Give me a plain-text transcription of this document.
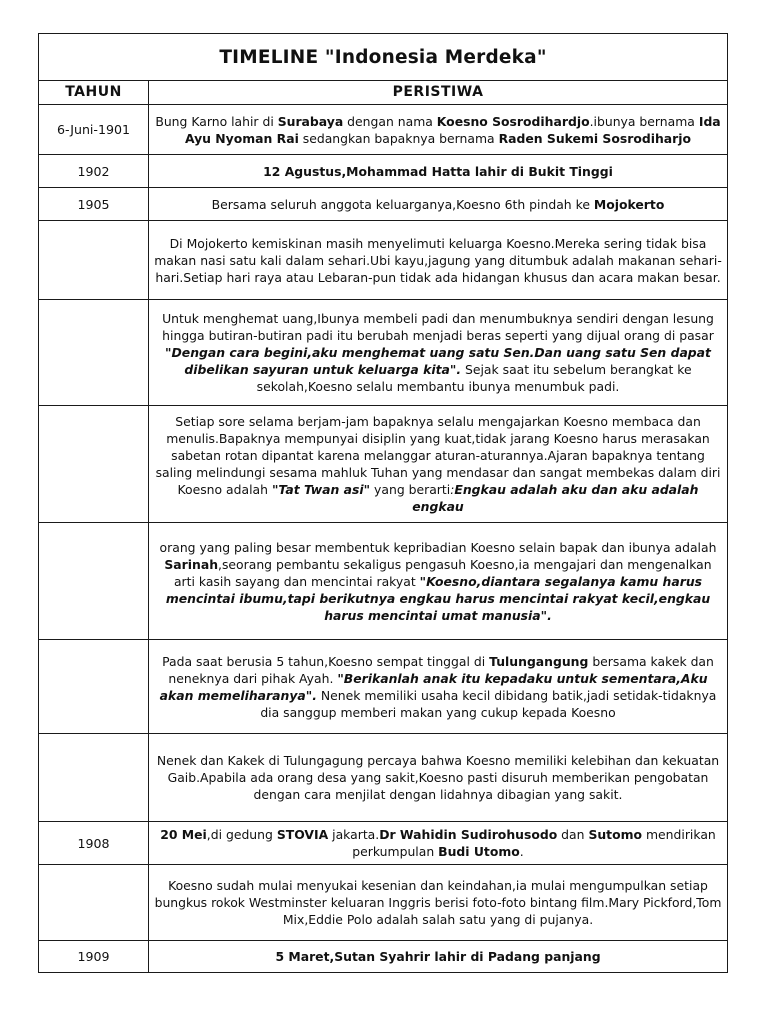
TIMELINE "Indonesia Merdeka"	
TAHUN	PERISTIWA
6-Juni-1901	Bung Karno lahir di Surabaya dengan nama Koesno Sosrodihardjo.ibunya bernama Ida Ayu Nyoman Rai sedangkan bapaknya bernama Raden Sukemi Sosrodiharjo

1902	12 Agustus,Mohammad Hatta lahir di Bukit Tinggi

1905	Bersama seluruh anggota keluarganya,Koesno 6th pindah ke Mojokerto

	Di Mojokerto kemiskinan masih menyelimuti keluarga Koesno.Mereka sering tidak bisa makan nasi satu kali dalam sehari.Ubi kayu,jagung yang ditumbuk adalah makanan sehari-hari.Setiap hari raya atau Lebaran-pun tidak ada hidangan khusus dan acara makan besar.

	Untuk menghemat uang,Ibunya membeli padi dan menumbuknya sendiri dengan lesung hingga butiran-butiran padi itu berubah menjadi beras seperti yang dijual orang di pasar "Dengan cara begini,aku menghemat uang satu Sen.Dan uang satu Sen dapat dibelikan sayuran untuk keluarga kita". Sejak saat itu sebelum berangkat ke sekolah,Koesno selalu membantu ibunya menumbuk padi.

	Setiap sore selama berjam-jam bapaknya selalu mengajarkan Koesno membaca dan menulis.Bapaknya mempunyai disiplin yang kuat,tidak jarang Koesno harus merasakan sabetan rotan dipantat karena melanggar aturan-aturannya.Ajaran bapaknya tentang saling melindungi sesama mahluk Tuhan yang mendasar dan sangat membekas dalam diri Koesno adalah "Tat Twan asi" yang berarti:Engkau adalah aku dan aku adalah engkau

	orang yang paling besar membentuk kepribadian Koesno selain bapak dan ibunya adalah Sarinah,seorang pembantu sekaligus pengasuh Koesno,ia mengajari dan mengenalkan arti kasih sayang dan mencintai rakyat "Koesno,diantara segalanya kamu harus mencintai ibumu,tapi berikutnya engkau harus mencintai rakyat kecil,engkau harus mencintai umat manusia".

	Pada saat berusia 5 tahun,Koesno sempat tinggal di Tulungangung bersama kakek dan neneknya dari pihak Ayah. "Berikanlah anak itu kepadaku untuk sementara,Aku akan memeliharanya". Nenek memiliki usaha kecil dibidang batik,jadi setidak-tidaknya dia sanggup memberi makan yang cukup kepada Koesno

	Nenek dan Kakek di Tulungagung percaya bahwa Koesno memiliki kelebihan dan kekuatan Gaib.Apabila ada orang desa yang sakit,Koesno pasti disuruh memberikan pengobatan dengan cara menjilat dengan lidahnya dibagian yang sakit.

1908	20 Mei,di gedung STOVIA jakarta.Dr Wahidin Sudirohusodo dan Sutomo mendirikan perkumpulan Budi Utomo.

	Koesno sudah mulai menyukai kesenian dan keindahan,ia mulai mengumpulkan setiap bungkus rokok Westminster keluaran Inggris berisi foto-foto bintang film.Mary Pickford,Tom Mix,Eddie Polo adalah salah satu yang di pujanya.

1909	5 Maret,Sutan Syahrir lahir di Padang panjang
